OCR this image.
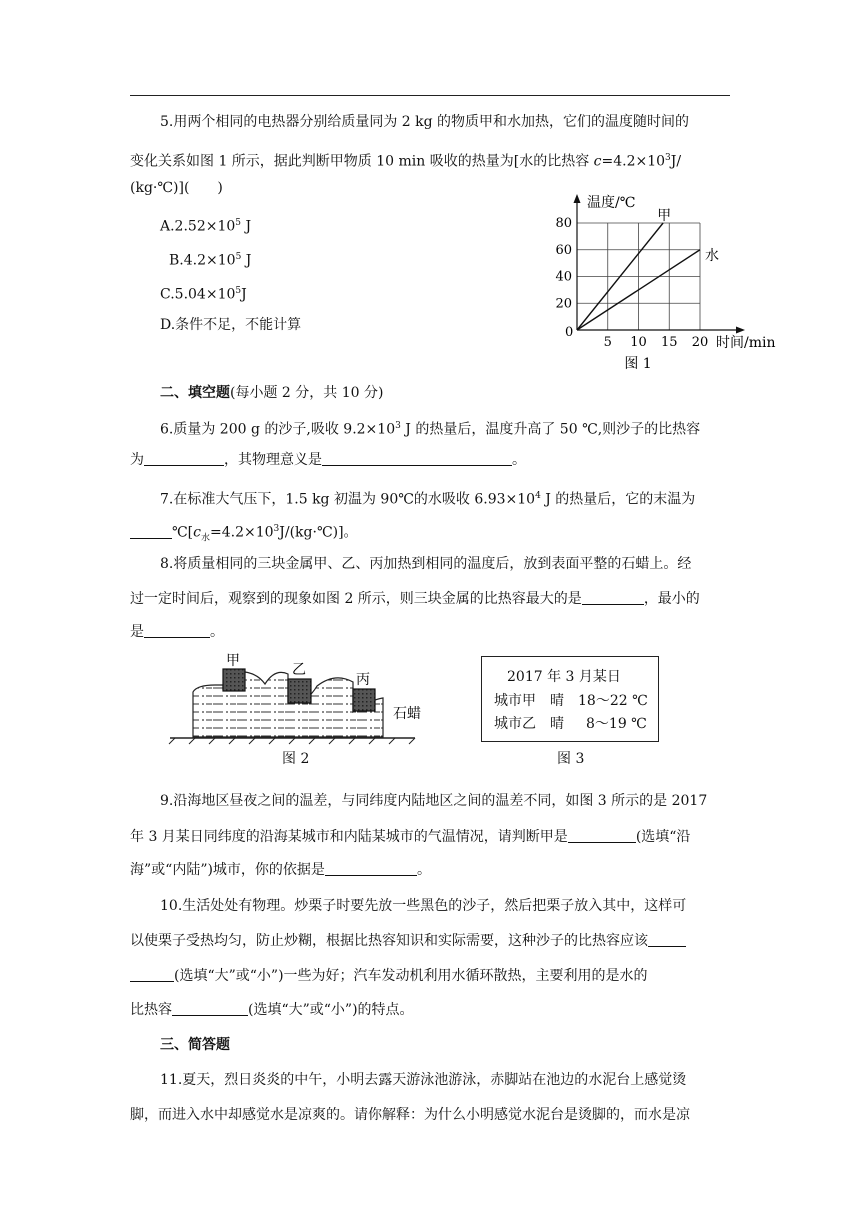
5.用两个相同的电热器分别给质量同为 2 kg 的物质甲和水加热，它们的温度随时间的
变化关系如图 1 所示，据此判断甲物质 10 min 吸收的热量为[水的比热容 $c=4.2\times 10^3J/$
(kg·℃)](　　)
$A.2.52\times 10^5$ J
$B.4.2\times 10^5$ J
$C.5.04\times 10^5J$
D.条件不足，不能计算	0
5 10 15 20
20
40
60
80
温度/℃
时间/min
甲
水
图 1
二、填空题(每小题 2 分，共 10 分)
6.质量为 200 g 的沙子,吸收 $9.2\times 10^3$ J 的热量后，温度升高了 50 ℃,则沙子的比热容
为	，其物理意义是	。
7.在标准大气压下，1.5 kg 初温为 90℃的水吸收 $6.93\times 10^4$ J 的热量后，它的末温为
$℃[c_水=4.2\times 10^3J/(kg\cdot℃)]$。
8.将质量相同的三块金属甲、乙、丙加热到相同的温度后，放到表面平整的石蜡上。经
过一定时间后，观察到的现象如图 2 所示，则三块金属的比热容最大的是	，最小的
是	。
甲
乙
丙
石蜡
图 2
2017 年 3 月某日
城市甲 晴 18～22 ℃
城市乙 晴 8～19 ℃
图 3
9.沿海地区昼夜之间的温差，与同纬度内陆地区之间的温差不同，如图 3 所示的是 2017
年 3 月某日同纬度的沿海某城市和内陆某城市的气温情况，请判断甲是	(选填“沿
海”或“内陆”)城市，你的依据是	。
10.生活处处有物理。炒栗子时要先放一些黑色的沙子，然后把栗子放入其中，这样可
以使栗子受热均匀，防止炒糊，根据比热容知识和实际需要，这种沙子的比热容应该
(选填“大”或“小”)一些为好；汽车发动机利用水循环散热，主要利用的是水的
比热容	(选填“大”或“小”)的特点。
三、简答题
11.夏天，烈日炎炎的中午，小明去露天游泳池游泳，赤脚站在池边的水泥台上感觉烫
脚，而进入水中却感觉水是凉爽的。请你解释：为什么小明感觉水泥台是烫脚的，而水是凉
